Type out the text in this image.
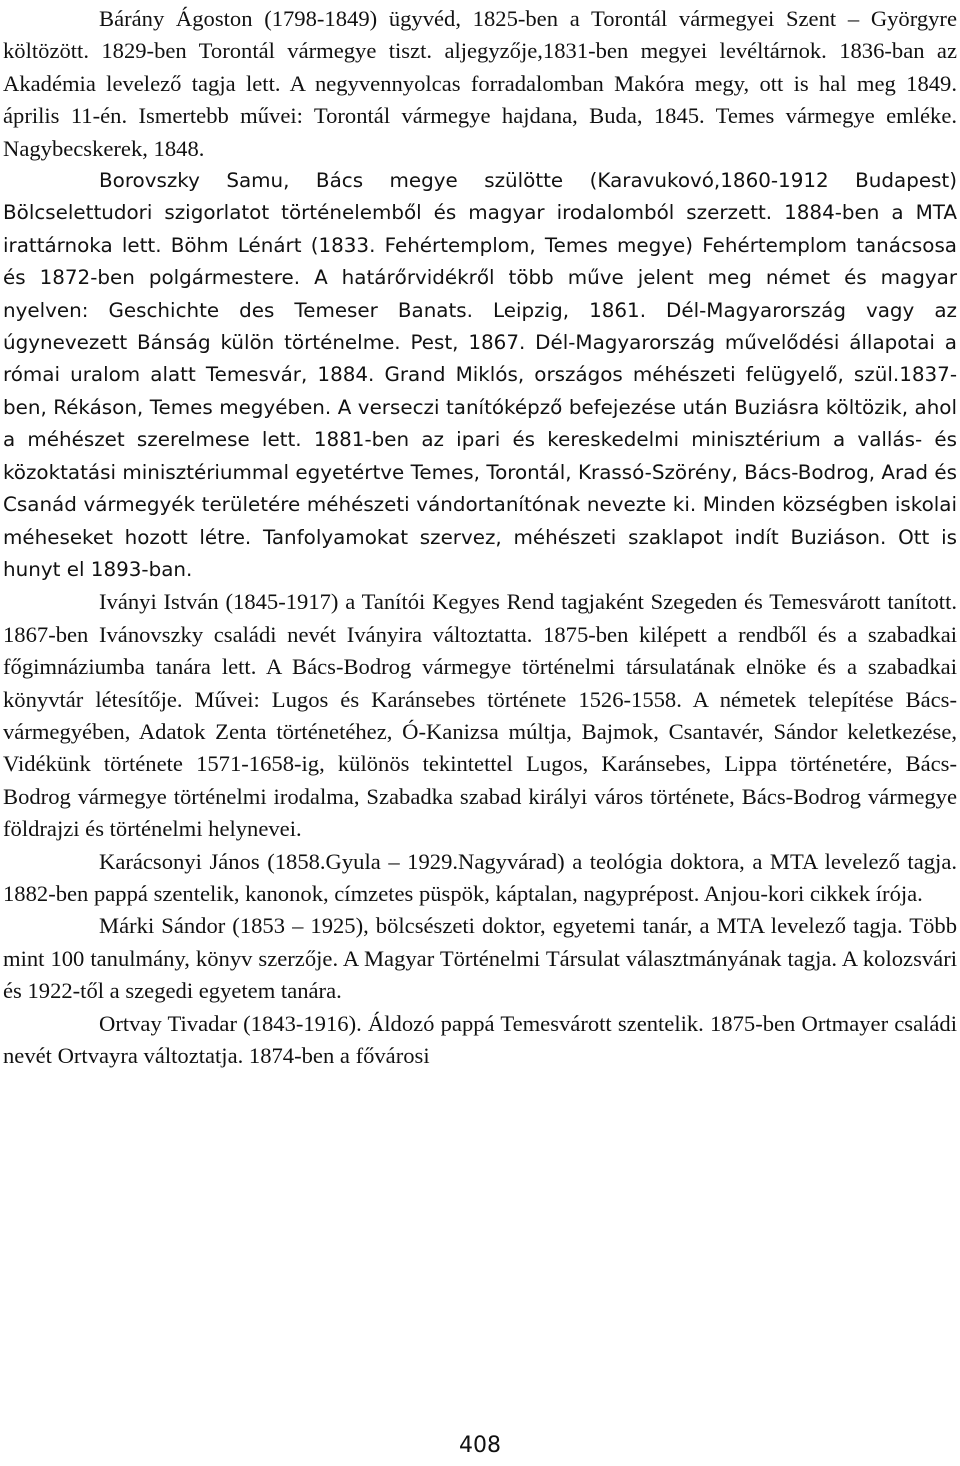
Bárány Ágoston (1798-1849) ügyvéd, 1825-ben a Torontál vármegyei Szent – Györgyre költözött. 1829-ben Torontál vármegye tiszt. aljegyzője,1831-ben megyei levéltárnok. 1836-ban az Akadémia levelező tagja lett. A negyvennyolcas forradalomban Makóra megy, ott is hal meg 1849. április 11-én. Ismertebb művei: Torontál vármegye hajdana, Buda, 1845. Temes vármegye emléke. Nagybecskerek, 1848.

Borovszky Samu, Bács megye szülötte (Karavukovó,1860-1912 Budapest) Bölcselettudori szigorlatot történelemből és magyar irodalomból szerzett. 1884-ben a MTA irattárnoka lett. Böhm Lénárt (1833. Fehértemplom, Temes megye) Fehértemplom tanácsosa és 1872-ben polgármestere. A határőrvidékről több műve jelent meg német és magyar nyelven: Geschichte des Temeser Banats. Leipzig, 1861. Dél-Magyarország vagy az úgynevezett Bánság külön történelme. Pest, 1867. Dél-Magyarország művelődési állapotai a római uralom alatt Temesvár, 1884. Grand Miklós, országos méhészeti felügyelő, szül.1837-ben, Rékáson, Temes megyében. A verseczi tanítóképző befejezése után Buziásra költözik, ahol a méhészet szerelmese lett. 1881-ben az ipari és kereskedelmi minisztérium a vallás- és közoktatási minisztériummal egyetértve Temes, Torontál, Krassó-Szörény, Bács-Bodrog, Arad és Csanád vármegyék területére méhészeti vándortanítónak nevezte ki. Minden községben iskolai méheseket hozott létre. Tanfolyamokat szervez, méhészeti szaklapot indít Buziáson. Ott is hunyt el 1893-ban.

Iványi István (1845-1917) a Tanítói Kegyes Rend tagjaként Szegeden és Temesvárott tanított. 1867-ben Ivánovszky családi nevét Iványira változtatta. 1875-ben kilépett a rendből és a szabadkai főgimnáziumba tanára lett. A Bács-Bodrog vármegye történelmi társulatának elnöke és a szabadkai könyvtár létesítője. Művei: Lugos és Karánsebes története 1526-1558. A németek telepítése Bács-vármegyében, Adatok Zenta történetéhez, Ó-Kanizsa múltja, Bajmok, Csantavér, Sándor keletkezése, Vidékünk története 1571-1658-ig, különös tekintettel Lugos, Karánsebes, Lippa történetére, Bács-Bodrog vármegye történelmi irodalma, Szabadka szabad királyi város története, Bács-Bodrog vármegye földrajzi és történelmi helynevei.

Karácsonyi János (1858.Gyula – 1929.Nagyvárad) a teológia doktora, a MTA levelező tagja. 1882-ben pappá szentelik, kanonok, címzetes püspök, káptalan, nagyprépost. Anjou-kori cikkek írója.

Márki Sándor (1853 – 1925), bölcsészeti doktor, egyetemi tanár, a MTA levelező tagja. Több mint 100 tanulmány, könyv szerzője. A Magyar Történelmi Társulat választmányának tagja. A kolozsvári és 1922-től a szegedi egyetem tanára.

Ortvay Tivadar (1843-1916). Áldozó pappá Temesvárott szentelik. 1875-ben Ortmayer családi nevét Ortvayra változtatja. 1874-ben a fővárosi

408
